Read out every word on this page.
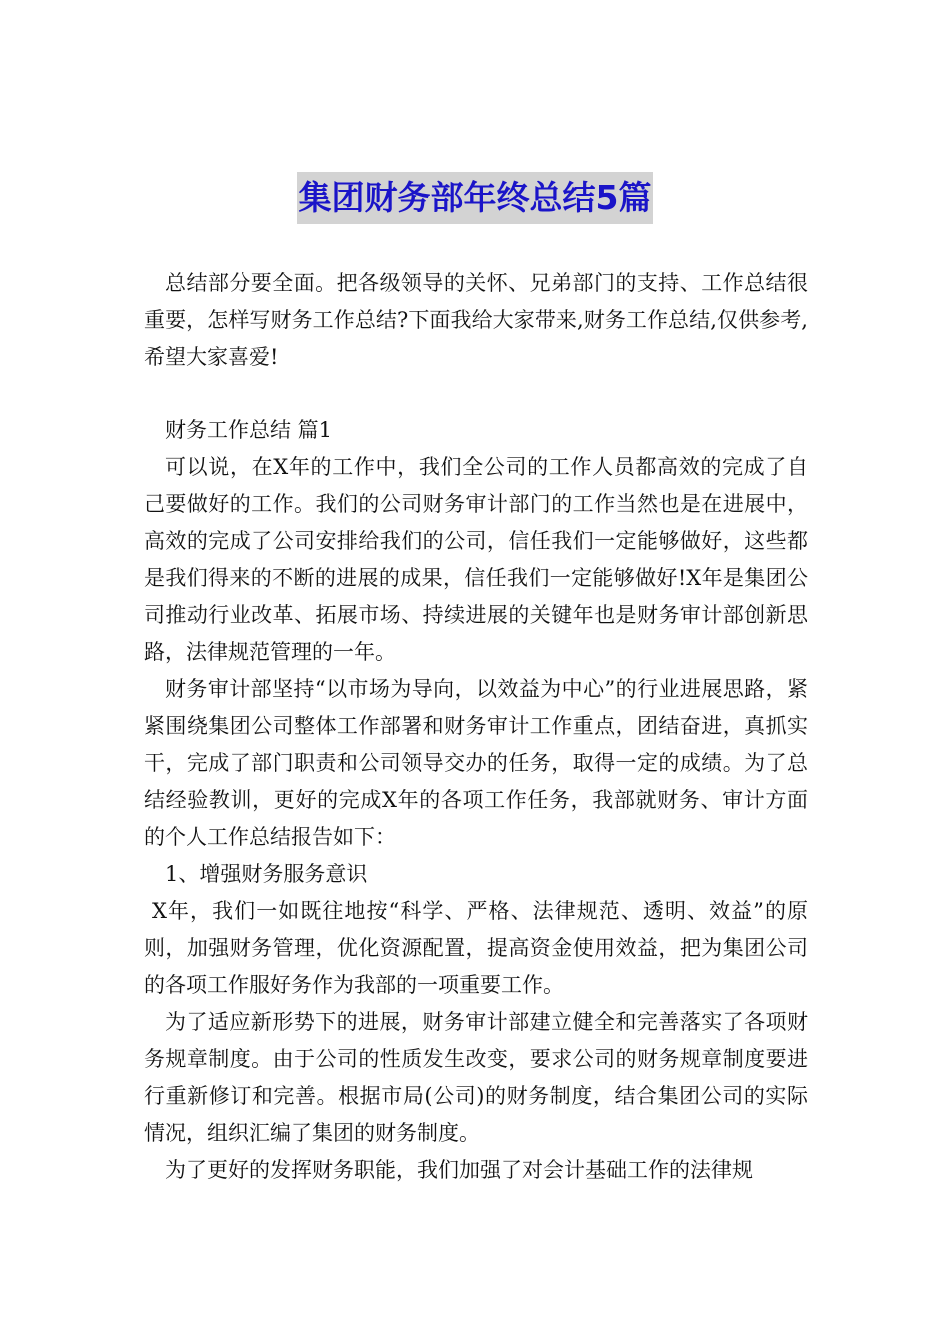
集团财务部年终总结5篇

总结部分要全面。把各级领导的关怀、兄弟部门的支持、工作总结很重要，怎样写财务工作总结?下面我给大家带来,财务工作总结,仅供参考,希望大家喜爱!

财务工作总结 篇1

可以说，在X年的工作中，我们全公司的工作人员都高效的完成了自己要做好的工作。我们的公司财务审计部门的工作当然也是在进展中，高效的完成了公司安排给我们的公司，信任我们一定能够做好，这些都是我们得来的不断的进展的成果，信任我们一定能够做好!X年是集团公司推动行业改革、拓展市场、持续进展的关键年也是财务审计部创新思路，法律规范管理的一年。

财务审计部坚持“以市场为导向，以效益为中心”的行业进展思路，紧紧围绕集团公司整体工作部署和财务审计工作重点，团结奋进，真抓实干，完成了部门职责和公司领导交办的任务，取得一定的成绩。为了总结经验教训，更好的完成X年的各项工作任务，我部就财务、审计方面的个人工作总结报告如下：

1、增强财务服务意识

X年，我们一如既往地按“科学、严格、法律规范、透明、效益”的原则，加强财务管理，优化资源配置，提高资金使用效益，把为集团公司的各项工作服好务作为我部的一项重要工作。

为了适应新形势下的进展，财务审计部建立健全和完善落实了各项财务规章制度。由于公司的性质发生改变，要求公司的财务规章制度要进行重新修订和完善。根据市局(公司)的财务制度，结合集团公司的实际情况，组织汇编了集团的财务制度。

为了更好的发挥财务职能，我们加强了对会计基础工作的法律规
